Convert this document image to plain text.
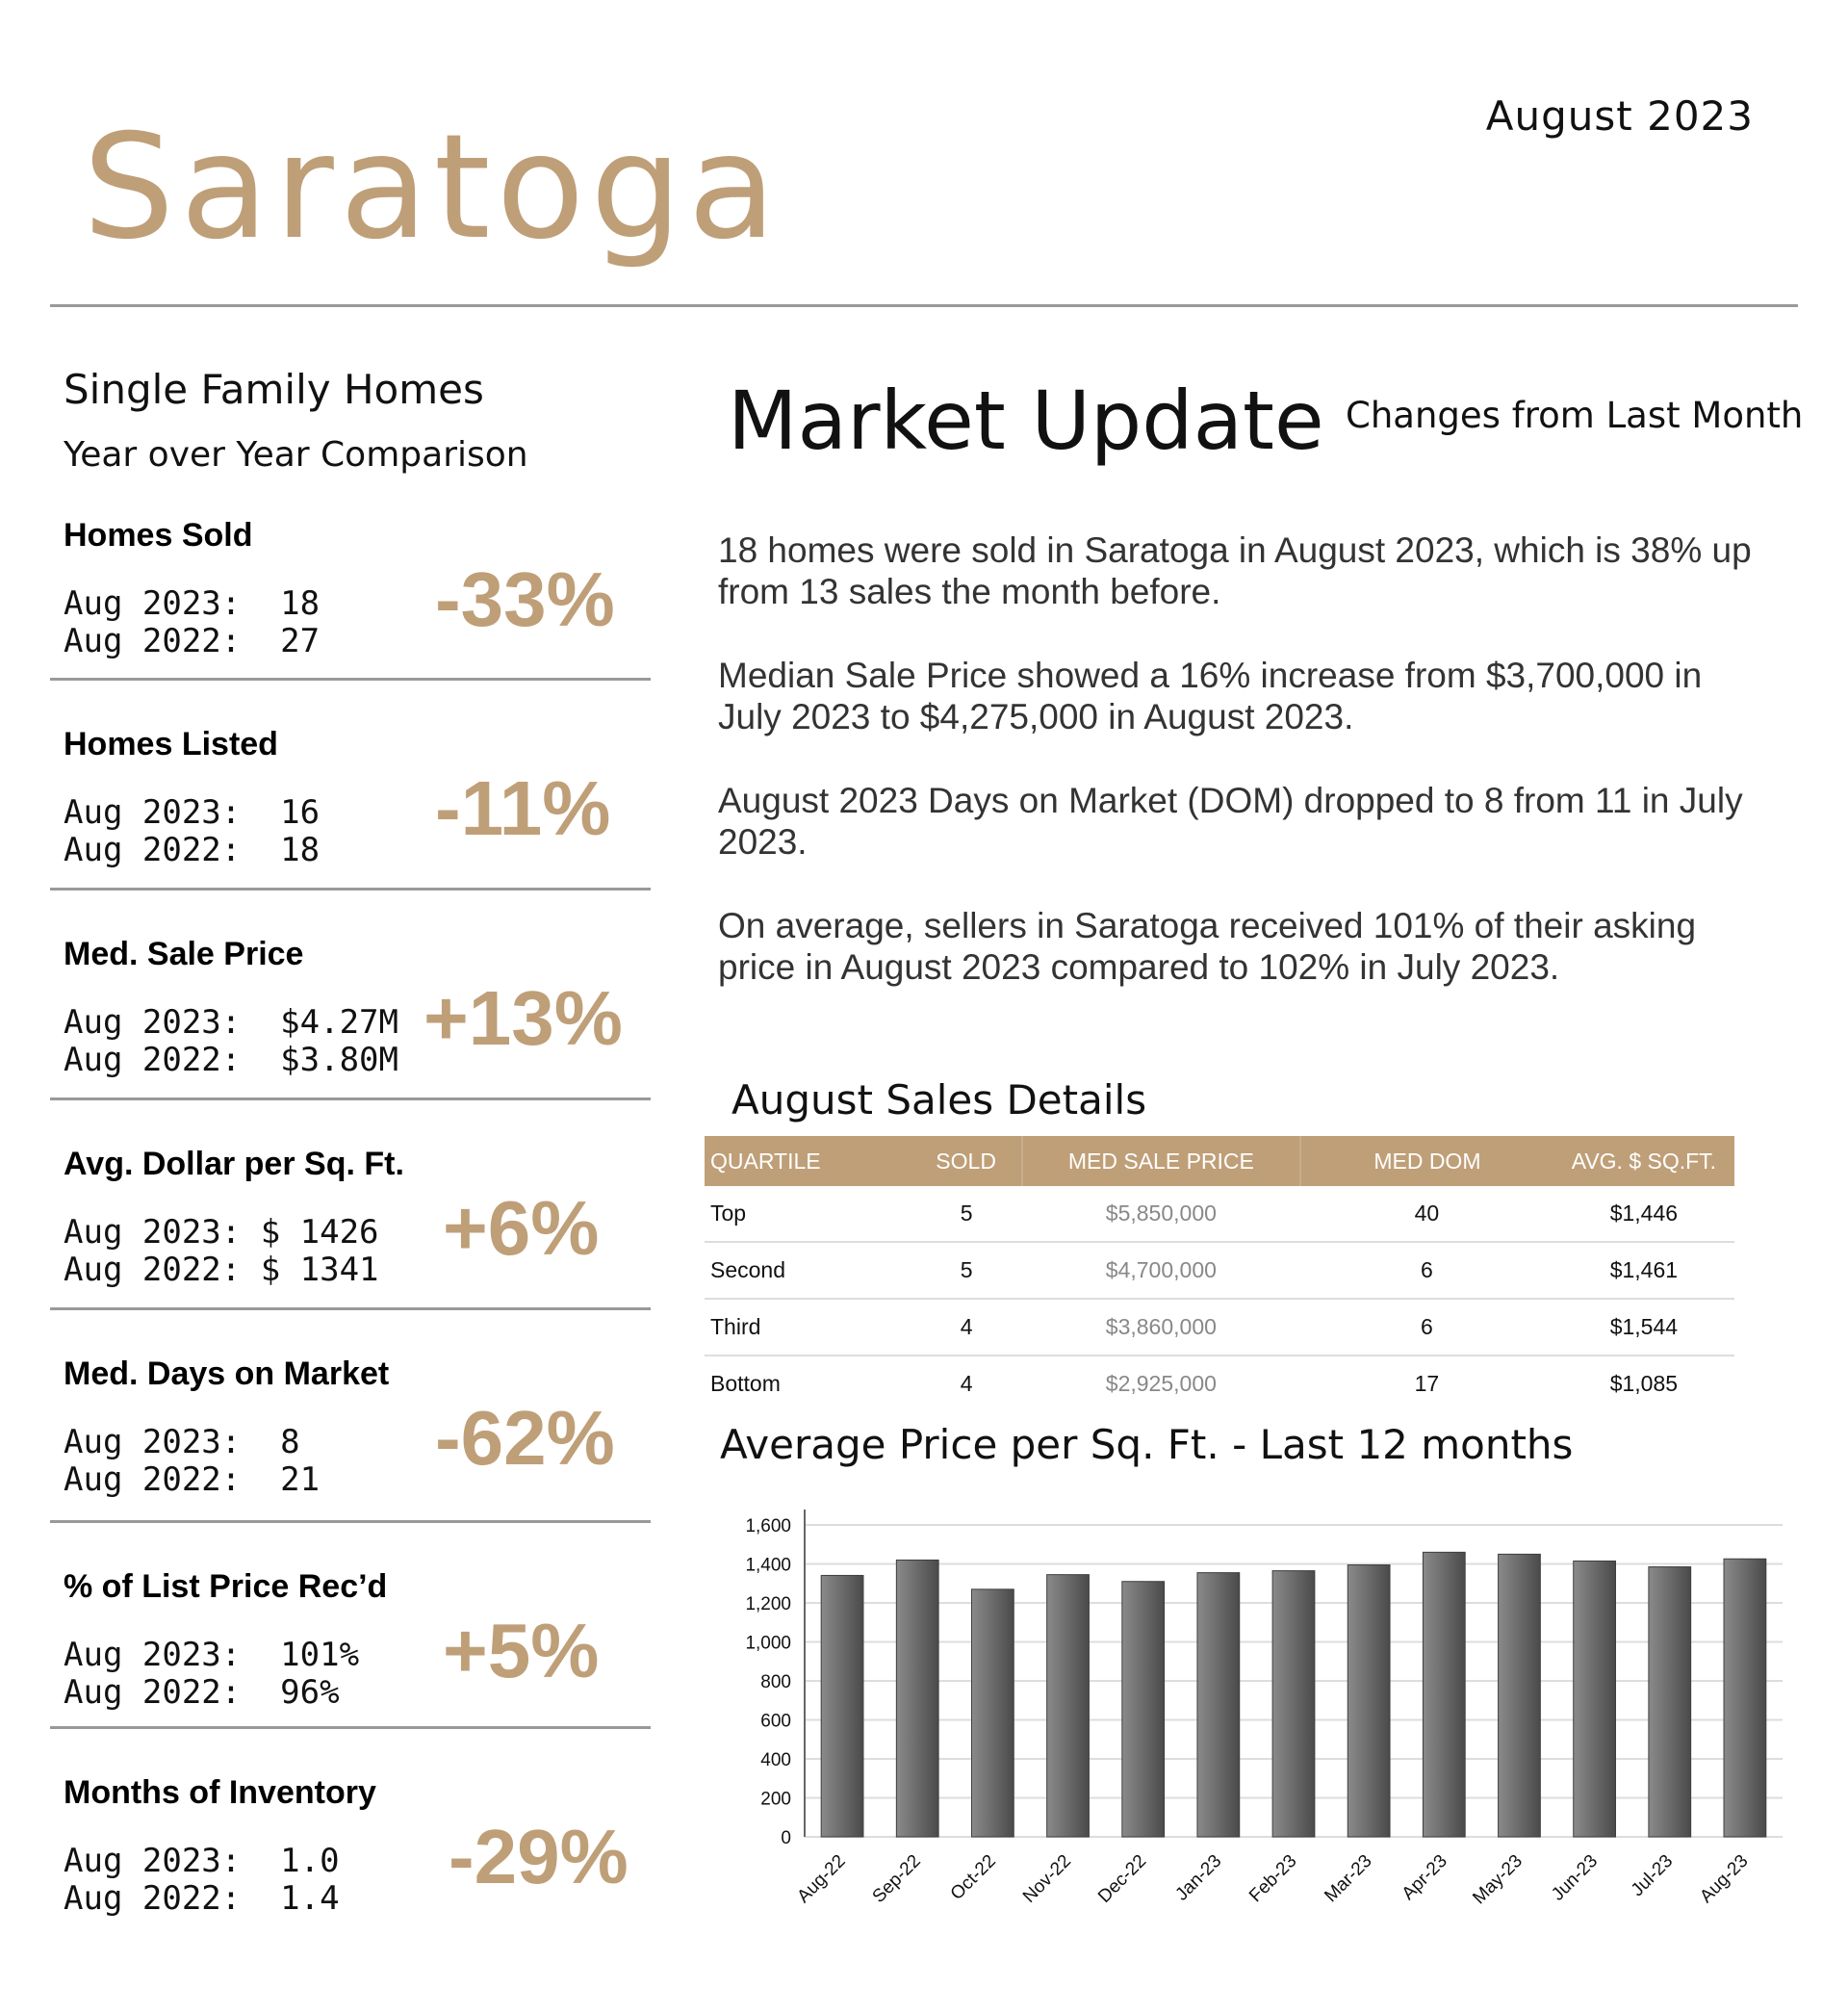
August 2023
Saratoga
Single Family Homes
Year over Year Comparison
Homes Sold
Aug 2023:  18
Aug 2022:  27 -33%
Homes Listed
Aug 2023:  16
Aug 2022:  18 -11%
Med. Sale Price
Aug 2023:  $4.27M
Aug 2022:  $3.80M +13%
Avg. Dollar per Sq. Ft.
Aug 2023: $ 1426
Aug 2022: $ 1341 +6%
Med. Days on Market
Aug 2023:  8
Aug 2022:  21 -62%
% of List Price Rec’d
Aug 2023:  101%
Aug 2022:  96% +5%
Months of Inventory
Aug 2023:  1.0
Aug 2022:  1.4 -29%
Market Update Changes from Last Month
18 homes were sold in Saratoga in August 2023, which is 38% up from 13 sales the month before.
Median Sale Price showed a 16% increase from $3,700,000 in July 2023 to $4,275,000 in August 2023.
August 2023 Days on Market (DOM) dropped to 8 from 11 in July 2023.
On average, sellers in Saratoga received 101% of their asking price in August 2023 compared to 102% in July 2023.
August Sales Details
QUARTILE	SOLD	MED SALE PRICE	MED DOM	AVG. $ SQ.FT.
Top	5	$5,850,000	40	$1,446
Second	5	$4,700,000	6	$1,461
Third	4	$3,860,000	6	$1,544
Bottom	4	$2,925,000	17	$1,085
Average Price per Sq. Ft. - Last 12 months
0
200
400
600
800
1,000
1,200
1,400
1,600
Aug-22 Sep-22 Oct-22 Nov-22 Dec-22 Jan-23 Feb-23 Mar-23 Apr-23 May-23 Jun-23 Jul-23 Aug-23
